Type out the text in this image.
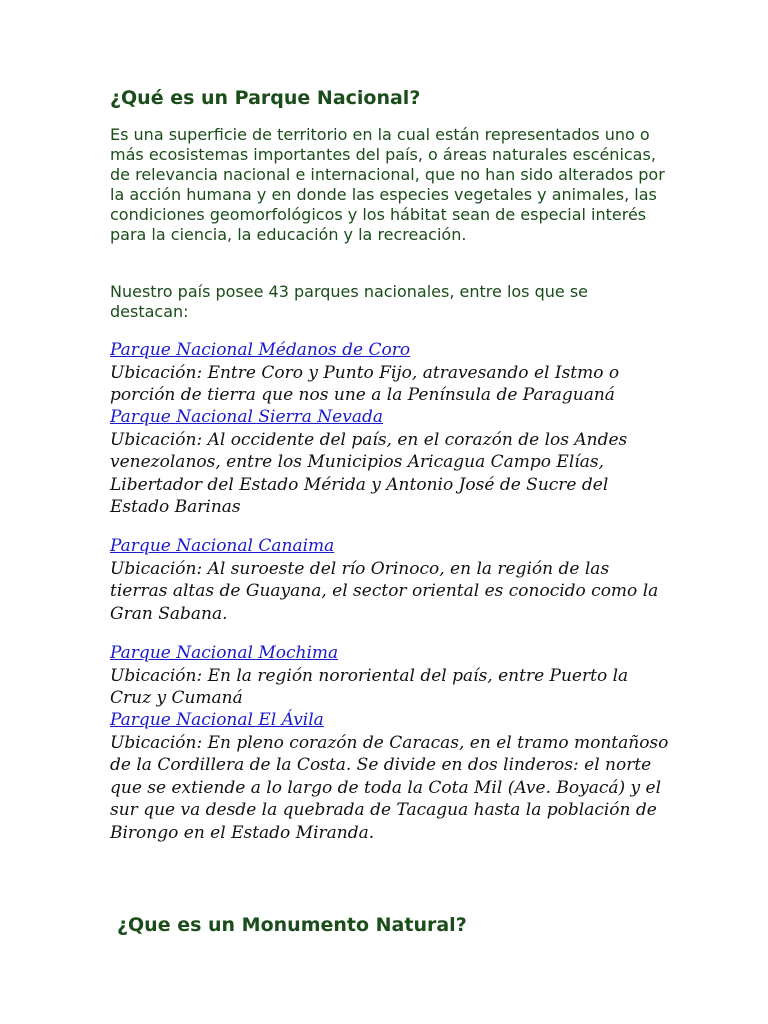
¿Qué es un Parque Nacional?

Es una superficie de territorio en la cual están representados uno o más ecosistemas importantes del país, o áreas naturales escénicas, de relevancia nacional e internacional, que no han sido alterados por la acción humana y en donde las especies vegetales y animales, las condiciones geomorfológicos y los hábitat sean de especial interés para la ciencia, la educación y la recreación.

Nuestro país posee 43 parques nacionales, entre los que se destacan:

Parque Nacional Médanos de Coro
Ubicación: Entre Coro y Punto Fijo, atravesando el Istmo o porción de tierra que nos une a la Península de Paraguaná
Parque Nacional Sierra Nevada
Ubicación: Al occidente del país, en el corazón de los Andes venezolanos, entre los Municipios Aricagua Campo Elías, Libertador del Estado Mérida y Antonio José de Sucre del Estado Barinas
Parque Nacional Canaima
Ubicación: Al suroeste del río Orinoco, en la región de las tierras altas de Guayana, el sector oriental es conocido como la Gran Sabana.
Parque Nacional Mochima
Ubicación: En la región nororiental del país, entre Puerto la Cruz y Cumaná
Parque Nacional El Ávila
Ubicación: En pleno corazón de Caracas, en el tramo montañoso de la Cordillera de la Costa. Se divide en dos linderos: el norte que se extiende a lo largo de toda la Cota Mil (Ave. Boyacá) y el sur que va desde la quebrada de Tacagua hasta la población de Birongo en el Estado Miranda.
¿Que es un Monumento Natural?
